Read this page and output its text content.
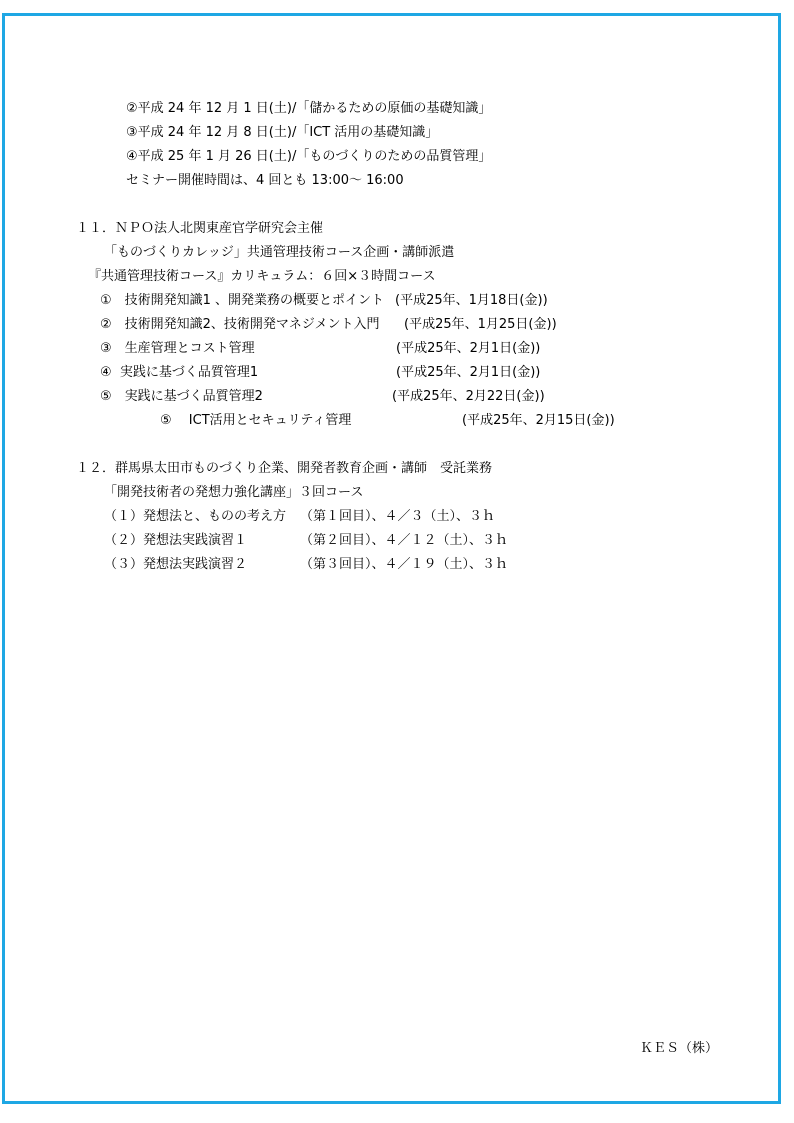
②平成 24 年 12 月 1 日(土)/「儲かるための原価の基礎知識」
③平成 24 年 12 月 8 日(土)/「ICT 活用の基礎知識」
④平成 25 年 1 月 26 日(土)/「ものづくりのための品質管理」
セミナー開催時間は、4 回とも 13:00～ 16:00
１１．ＮＰＯ法人北関東産官学研究会主催
「ものづくりカレッジ」共通管理技術コース企画・講師派遣
『共通管理技術コース』カリキュラム：６回×３時間コース
①　技術開発知識1 、開発業務の概要とポイント (平成25年、1月18日(金))
②　技術開発知識2、技術開発マネジメント入門 (平成25年、1月25日(金))
③　生産管理とコスト管理	(平成25年、2月1日(金))
④  実践に基づく品質管理1	(平成25年、2月1日(金))
⑤　実践に基づく品質管理2	(平成25年、2月22日(金))
⑤　 ICT活用とセキュリティ管理	(平成25年、2月15日(金))
１２．群馬県太田市ものづくり企業、開発者教育企画・講師　受託業務
「開発技術者の発想力強化講座」３回コース
（１）発想法と、ものの考え方 （第１回目）、４／３（土）、３ｈ
（２）発想法実践演習１	（第２回目）、４／１２（土）、３ｈ
（３）発想法実践演習２	（第３回目）、４／１９（土）、３ｈ
ＫＥＳ（株）
